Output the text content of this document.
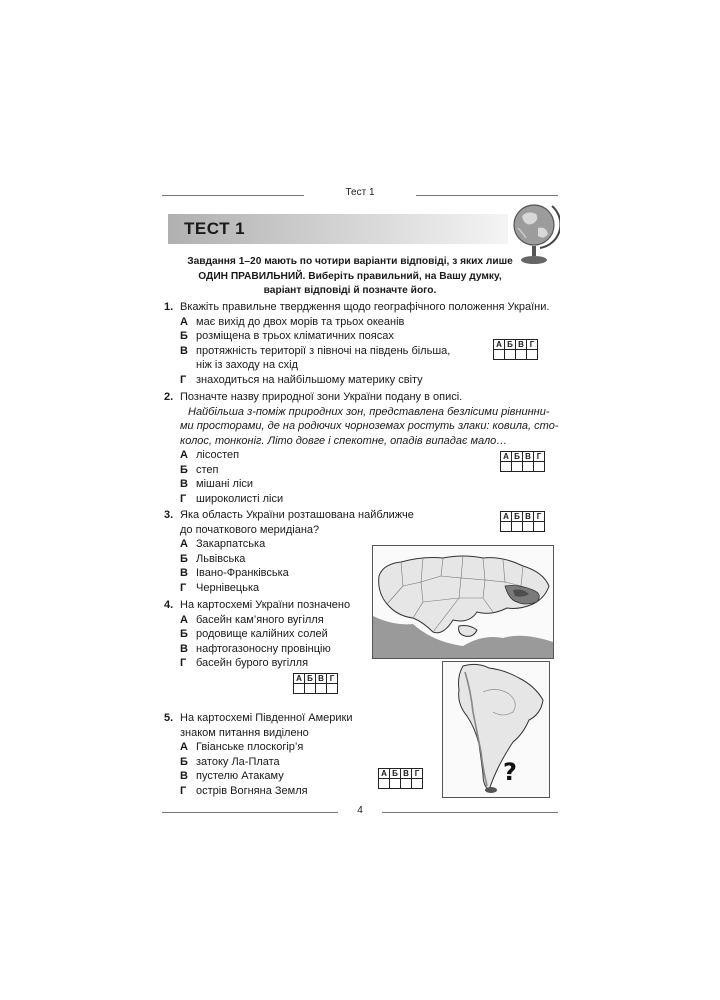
Тест 1
ТЕСТ 1
Завдання 1–20 мають по чотири варіанти відповіді, з яких лише
ОДИН ПРАВИЛЬНИЙ. Виберіть правильний, на Вашу думку,
варіант відповіді й позначте його.
1. Вкажіть правильне твердження щодо географічного положення України.
А має вихід до двох морів та трьох океанів
Б розміщена в трьох кліматичних поясах
В протяжність території з півночі на південь більша,
ніж із заходу на схід
Г знаходиться на найбільшому материку світу
А	Б	В	Г

2. Позначте назву природної зони України подану в описі.
Найбільша з-поміж природних зон, представлена безлісими рівнинни-
ми просторами, де на родючих чорноземах ростуть злаки: ковила, сто-
колос, тонконіг. Літо довге і спекотне, опадів випадає мало…
А лісостеп
Б степ
В мішані ліси
Г широколисті ліси
А	Б	В	Г

3. Яка область України розташована найближче
до початкового меридіана?
А Закарпатська
Б Львівська
В Івано-Франківська
Г Чернівецька
А	Б	В	Г

4. На картосхемі України позначено
А басейн кам’яного вугілля
Б родовище калійних солей
В нафтогазоносну провінцію
Г басейн бурого вугілля
А	Б	В	Г

?
5. На картосхемі Південної Америки
знаком питання виділено
А Гвіанське плоскогір’я
Б затоку Ла-Плата
В пустелю Атакаму
Г острів Вогняна Земля
А	Б	В	Г

4
